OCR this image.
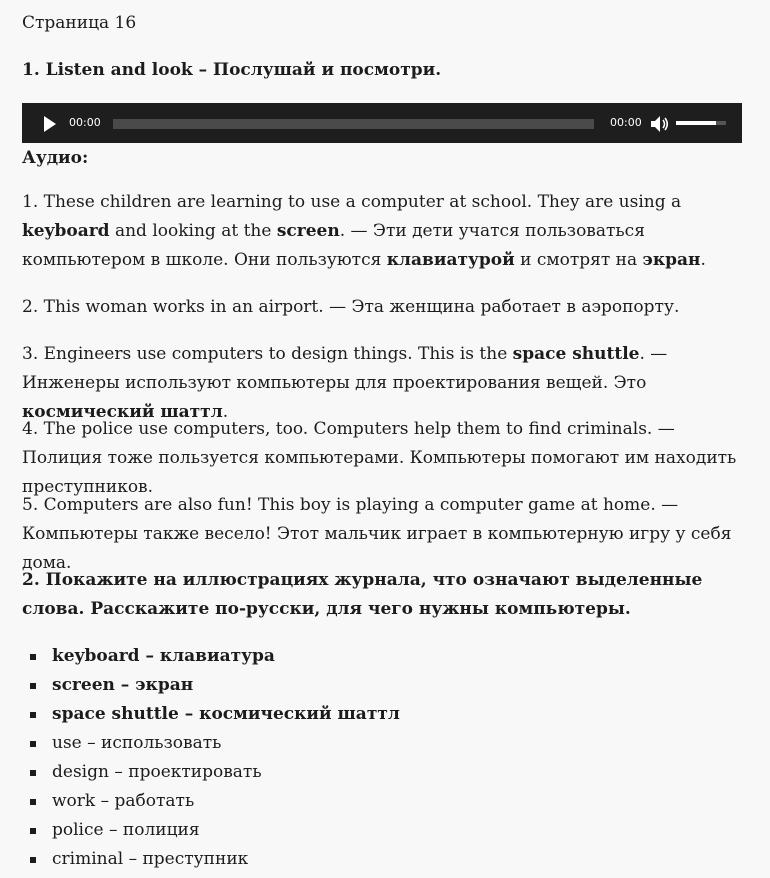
Страница 16
1. Listen and look – Послушай и посмотри.
00:00	00:00
Аудио:

1. These children are learning to use a computer at school. They are using a keyboard and looking at the screen. — Эти дети учатся пользоваться компьютером в школе. Они пользуются клавиатурой и смотрят на экран.

2. This woman works in an airport. — Эта женщина работает в аэропорту.

3. Engineers use computers to design things. This is the space shuttle. — Инженеры используют компьютеры для проектирования вещей. Это космический шаттл.

4. The police use computers, too. Computers help them to find criminals. — Полиция тоже пользуется компьютерами. Компьютеры помогают им находить преступников.

5. Computers are also fun! This boy is playing a computer game at home. — Компьютеры также весело! Этот мальчик играет в компьютерную игру у себя дома.

2. Покажите на иллюстрациях журнала, что означают выделенные слова. Расскажите по-русски, для чего нужны компьютеры.

keyboard – клавиатура
screen – экран
space shuttle – космический шаттл
use – использовать
design – проектировать
work – работать
police – полиция
criminal – преступник
